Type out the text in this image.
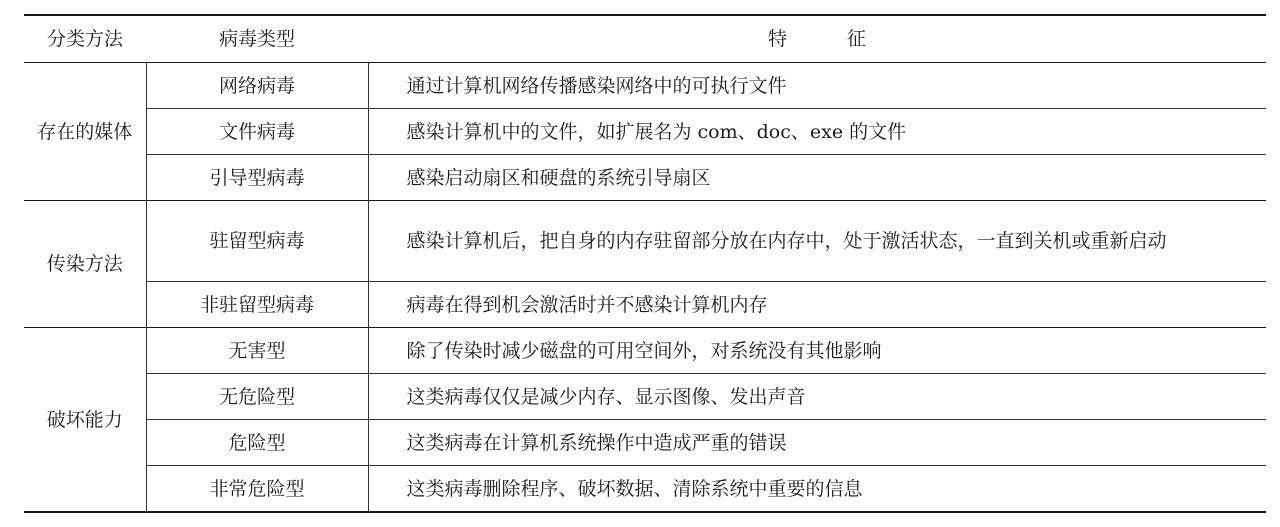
分类方法	病毒类型	特征
存在的媒体	网络病毒	通过计算机网络传播感染网络中的可执行文件
	文件病毒	感染计算机中的文件，如扩展名为 com、doc、exe 的文件
	引导型病毒	感染启动扇区和硬盘的系统引导扇区
传染方法	驻留型病毒	感染计算机后，把自身的内存驻留部分放在内存中，处于激活状态，一直到关机或重新启动
	非驻留型病毒	病毒在得到机会激活时并不感染计算机内存
破坏能力	无害型	除了传染时减少磁盘的可用空间外，对系统没有其他影响
	无危险型	这类病毒仅仅是减少内存、显示图像、发出声音
	危险型	这类病毒在计算机系统操作中造成严重的错误
	非常危险型	这类病毒删除程序、破坏数据、清除系统中重要的信息
